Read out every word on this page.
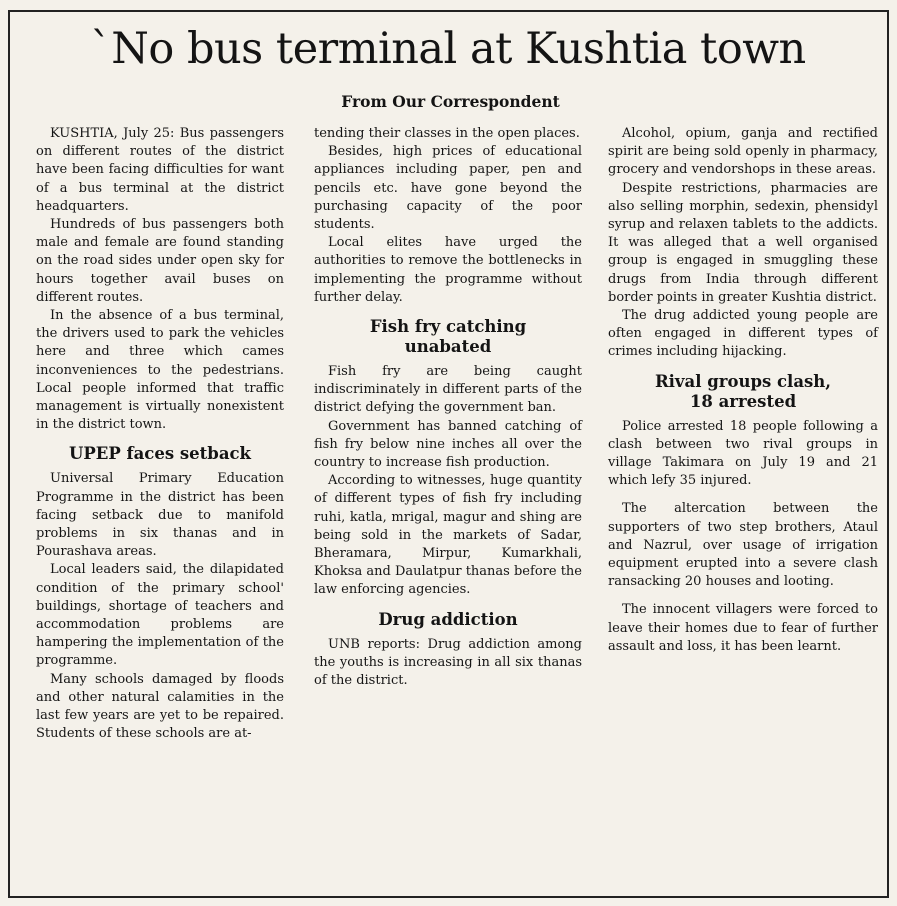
`No bus terminal at Kushtia town
From Our Correspondent

KUSHTIA, July 25: Bus passengers on different routes of the district have been facing difficulties for want of a bus terminal at the district headquarters.

Hundreds of bus passengers both male and female are found standing on the road sides under open sky for hours together avail buses on different routes.

In the absence of a bus terminal, the drivers used to park the vehicles here and three which cames inconveniences to the pedestrians. Local people informed that traffic management is virtually nonexistent in the district town.

UPEP faces setback

Universal Primary Education Programme in the district has been facing setback due to manifold problems in six thanas and in Pourashava areas.

Local leaders said, the dilapidated condition of the primary school' buildings, shortage of teachers and accommodation problems are hampering the implementation of the programme.

Many schools damaged by floods and other natural calamities in the last few years are yet to be repaired. Students of these schools are at-

tending their classes in the open places.

Besides, high prices of educational appliances including paper, pen and pencils etc. have gone beyond the purchasing capacity of the poor students.

Local elites have urged the authorities to remove the bottlenecks in implementing the programme without further delay.

Fish fry catching unabated

Fish fry are being caught indiscriminately in different parts of the district defying the government ban.

Government has banned catching of fish fry below nine inches all over the country to increase fish production.

According to witnesses, huge quantity of different types of fish fry including ruhi, katla, mrigal, magur and shing are being sold in the markets of Sadar, Bheramara, Mirpur, Kumarkhali, Khoksa and Daulatpur thanas before the law enforcing agencies.

Drug addiction

UNB reports: Drug addiction among the youths is increasing in all six thanas of the district.

Alcohol, opium, ganja and rectified spirit are being sold openly in pharmacy, grocery and vendorshops in these areas.

Despite restrictions, pharmacies are also selling morphin, sedexin, phensidyl syrup and relaxen tablets to the addicts. It was alleged that a well organised group is engaged in smuggling these drugs from India through different border points in greater Kushtia district.

The drug addicted young people are often engaged in different types of crimes including hijacking.

Rival groups clash, 18 arrested

Police arrested 18 people following a clash between two rival groups in village Takimara on July 19 and 21 which lefy 35 injured.

The altercation between the supporters of two step brothers, Ataul and Nazrul, over usage of irrigation equipment erupted into a severe clash ransacking 20 houses and looting.

The innocent villagers were forced to leave their homes due to fear of further assault and loss, it has been learnt.
